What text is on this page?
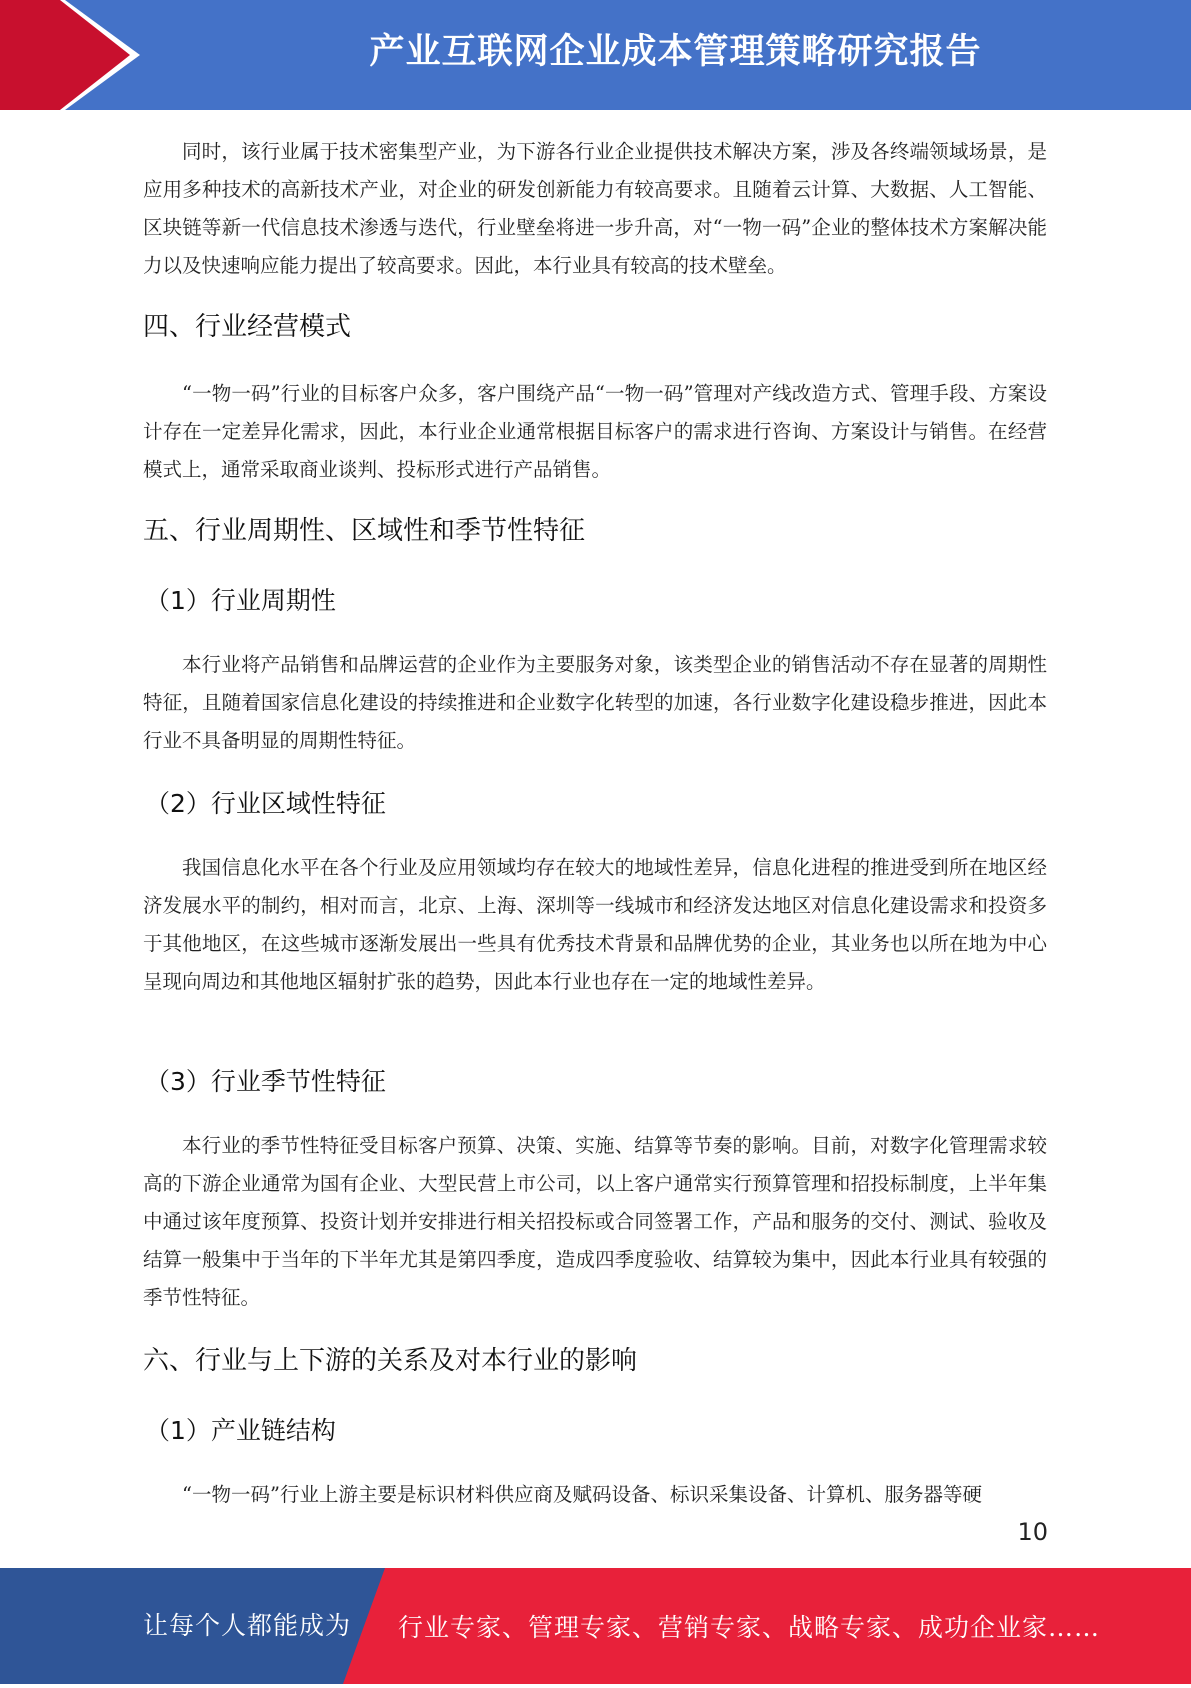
产业互联网企业成本管理策略研究报告

同时，该行业属于技术密集型产业，为下游各行业企业提供技术解决方案，涉及各终端领域场景，是应用多种技术的高新技术产业，对企业的研发创新能力有较高要求。且随着云计算、大数据、人工智能、区块链等新一代信息技术渗透与迭代，行业壁垒将进一步升高，对“一物一码”企业的整体技术方案解决能力以及快速响应能力提出了较高要求。因此，本行业具有较高的技术壁垒。

四、行业经营模式

“一物一码”行业的目标客户众多，客户围绕产品“一物一码”管理对产线改造方式、管理手段、方案设计存在一定差异化需求，因此，本行业企业通常根据目标客户的需求进行咨询、方案设计与销售。在经营模式上，通常采取商业谈判、投标形式进行产品销售。

五、行业周期性、区域性和季节性特征
（1）行业周期性

本行业将产品销售和品牌运营的企业作为主要服务对象，该类型企业的销售活动不存在显著的周期性特征，且随着国家信息化建设的持续推进和企业数字化转型的加速，各行业数字化建设稳步推进，因此本行业不具备明显的周期性特征。

（2）行业区域性特征

我国信息化水平在各个行业及应用领域均存在较大的地域性差异，信息化进程的推进受到所在地区经济发展水平的制约，相对而言，北京、上海、深圳等一线城市和经济发达地区对信息化建设需求和投资多于其他地区，在这些城市逐渐发展出一些具有优秀技术背景和品牌优势的企业，其业务也以所在地为中心呈现向周边和其他地区辐射扩张的趋势，因此本行业也存在一定的地域性差异。

（3）行业季节性特征

本行业的季节性特征受目标客户预算、决策、实施、结算等节奏的影响。目前，对数字化管理需求较高的下游企业通常为国有企业、大型民营上市公司，以上客户通常实行预算管理和招投标制度，上半年集中通过该年度预算、投资计划并安排进行相关招投标或合同签署工作，产品和服务的交付、测试、验收及结算一般集中于当年的下半年尤其是第四季度，造成四季度验收、结算较为集中，因此本行业具有较强的季节性特征。

六、行业与上下游的关系及对本行业的影响
（1）产业链结构

“一物一码”行业上游主要是标识材料供应商及赋码设备、标识采集设备、计算机、服务器等硬

10
让每个人都能成为 行业专家、管理专家、营销专家、战略专家、成功企业家……
